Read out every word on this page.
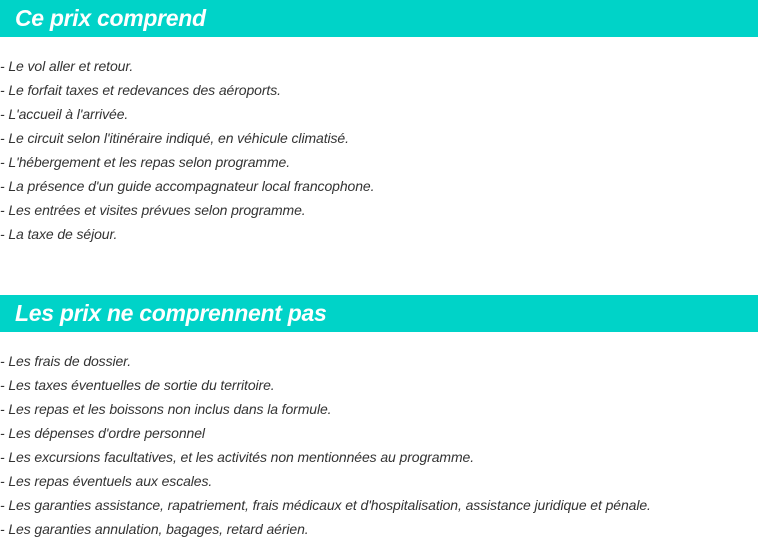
Ce prix comprend
- Le vol aller et retour.
- Le forfait taxes et redevances des aéroports.
- L'accueil à l'arrivée.
- Le circuit selon l'itinéraire indiqué, en véhicule climatisé.
- L'hébergement et les repas selon programme.
- La présence d'un guide accompagnateur local francophone.
- Les entrées et visites prévues selon programme.
- La taxe de séjour.
Les prix ne comprennent pas
- Les frais de dossier.
- Les taxes éventuelles de sortie du territoire.
- Les repas et les boissons non inclus dans la formule.
- Les dépenses d'ordre personnel
- Les excursions facultatives, et les activités non mentionnées au programme.
- Les repas éventuels aux escales.
- Les garanties assistance, rapatriement, frais médicaux et d'hospitalisation, assistance juridique et pénale.
- Les garanties annulation, bagages, retard aérien.
